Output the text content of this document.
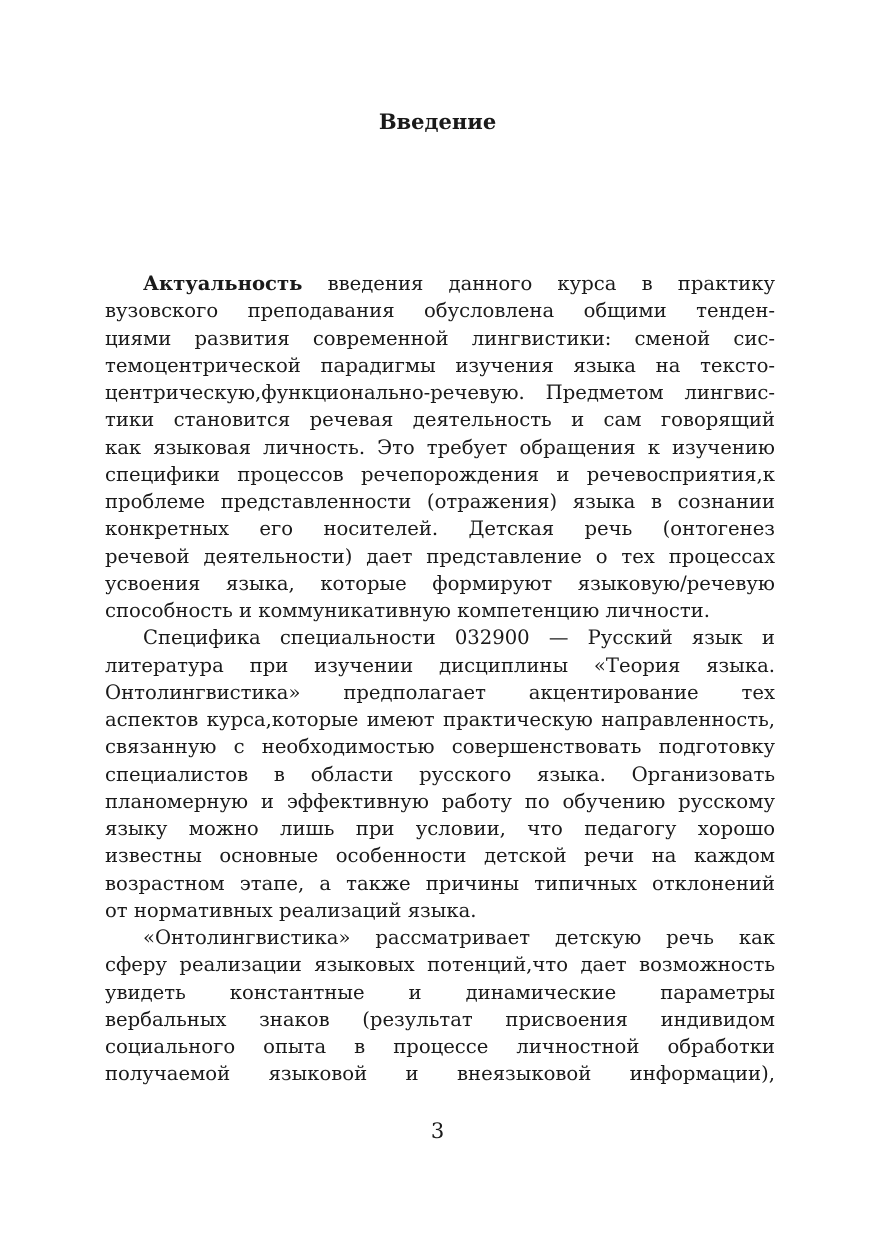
Введение
Актуальность введения данного курса в практику
вузовского преподавания обусловлена общими тенден-
циями развития современной лингвистики: сменой сис-
темоцентрической парадигмы изучения языка на тексто-
центрическую,функционально-речевую. Предметом лингвис-
тики становится речевая деятельность и сам говорящий
как языковая личность. Это требует обращения к изучению
специфики процессов речепорождения и речевосприятия,к
проблеме представленности (отражения) языка в сознании
конкретных его носителей. Детская речь (онтогенез
речевой деятельности) дает представление о тех процессах
усвоения языка, которые формируют языковую/речевую
способность и коммуникативную компетенцию личности.
Специфика специальности 032900 — Русский язык и
литература при изучении дисциплины «Теория языка.
Онтолингвистика» предполагает акцентирование тех
аспектов курса,которые имеют практическую направленность,
связанную с необходимостью совершенствовать подготовку
специалистов в области русского языка. Организовать
планомерную и эффективную работу по обучению русскому
языку можно лишь при условии, что педагогу хорошо
известны основные особенности детской речи на каждом
возрастном этапе, а также причины типичных отклонений
от нормативных реализаций языка.
«Онтолингвистика» рассматривает детскую речь как
сферу реализации языковых потенций,что дает возможность
увидеть константные и динамические параметры
вербальных знаков (результат присвоения индивидом
социального опыта в процессе личностной обработки
получаемой языковой и внеязыковой информации),
3
